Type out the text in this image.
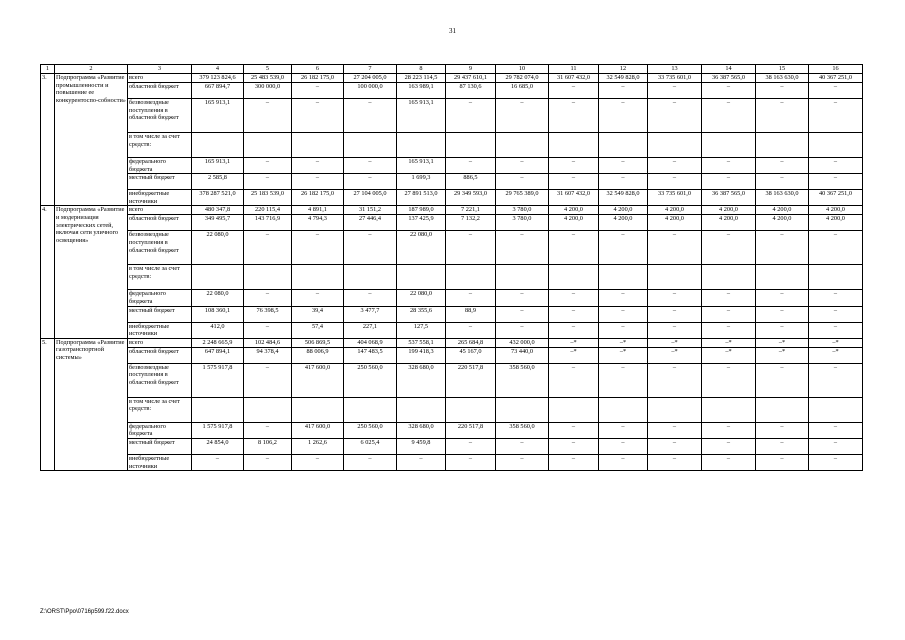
31
1	2	3	4	5	6	7	8	9	10	11	12	13	14	15	16
3.	Подпрограмма «Развитие промышленности и повышение ее конкурентоспо-собности»	всего	379 123 824,6	25 483 539,0	26 182 175,0	27 204 005,0	28 223 114,5	29 437 610,1	29 782 074,0	31 607 432,0	32 549 828,0	33 735 601,0	36 387 565,0	38 163 630,0	40 367 251,0
		областной бюджет	667 894,7	300 000,0	–	100 000,0	163 989,1	87 130,6	16 685,0	–	–	–	–	–	–
		безвозмездные поступления в областной бюджет	165 913,1	–	–	–	165 913,1	–	–	–	–	–	–	–	–
		в том числе за счет средств:													
		федерального бюджета	165 913,1	–	–	–	165 913,1	–	–	–	–	–	–	–	–
		местный бюджет	2 585,8	–	–	–	1 699,3	886,5	–	–	–	–	–	–	–
		внебюджетные источники	378 287 521,0	25 183 539,0	26 182 175,0	27 104 005,0	27 891 513,0	29 349 593,0	29 765 389,0	31 607 432,0	32 549 828,0	33 735 601,0	36 387 565,0	38 163 630,0	40 367 251,0
4.	Подпрограмма «Развитие и модернизация электрических сетей, включая сети уличного освещения»	всего	480 347,8	220 115,4	4 891,1	31 151,2	187 989,0	7 221,1	3 780,0	4 200,0	4 200,0	4 200,0	4 200,0	4 200,0	4 200,0
		областной бюджет	349 495,7	143 716,9	4 794,3	27 446,4	137 425,9	7 132,2	3 780,0	4 200,0	4 200,0	4 200,0	4 200,0	4 200,0	4 200,0
		безвозмездные поступления в областной бюджет	22 080,0	–	–	–	22 080,0	–	–	–	–	–	–	–	–
		в том числе за счет средств:													
		федерального бюджета	22 080,0	–	–	–	22 080,0	–	–	–	–	–	–	–	–
		местный бюджет	108 360,1	76 398,5	39,4	3 477,7	28 355,6	88,9	–	–	–	–	–	–	–
		внебюджетные источники	412,0	–	57,4	227,1	127,5	–	–	–	–	–	–	–	–
5.	Подпрограмма «Развитие газотранспортной системы»	всего	2 248 665,9	102 484,6	506 869,5	404 068,9	537 558,1	265 684,8	432 000,0	–*	–*	–*	–*	–*	–*
		областной бюджет	647 894,1	94 378,4	88 006,9	147 483,5	199 418,3	45 167,0	73 440,0	–*	–*	–*	–*	–*	–*
		безвозмездные поступления в областной бюджет	1 575 917,8	–	417 600,0	250 560,0	328 680,0	220 517,8	358 560,0	–	–	–	–	–	–
		в том числе за счет средств:													
		федерального бюджета	1 575 917,8	–	417 600,0	250 560,0	328 680,0	220 517,8	358 560,0	–	–	–	–	–	–
		местный бюджет	24 854,0	8 106,2	1 262,6	6 025,4	9 459,8	–	–	–	–	–	–	–	–
		внебюджетные источники	–	–	–	–	–	–	–	–	–	–	–	–	–
Z:\ORST\Ppo\0716p599.f22.docx
